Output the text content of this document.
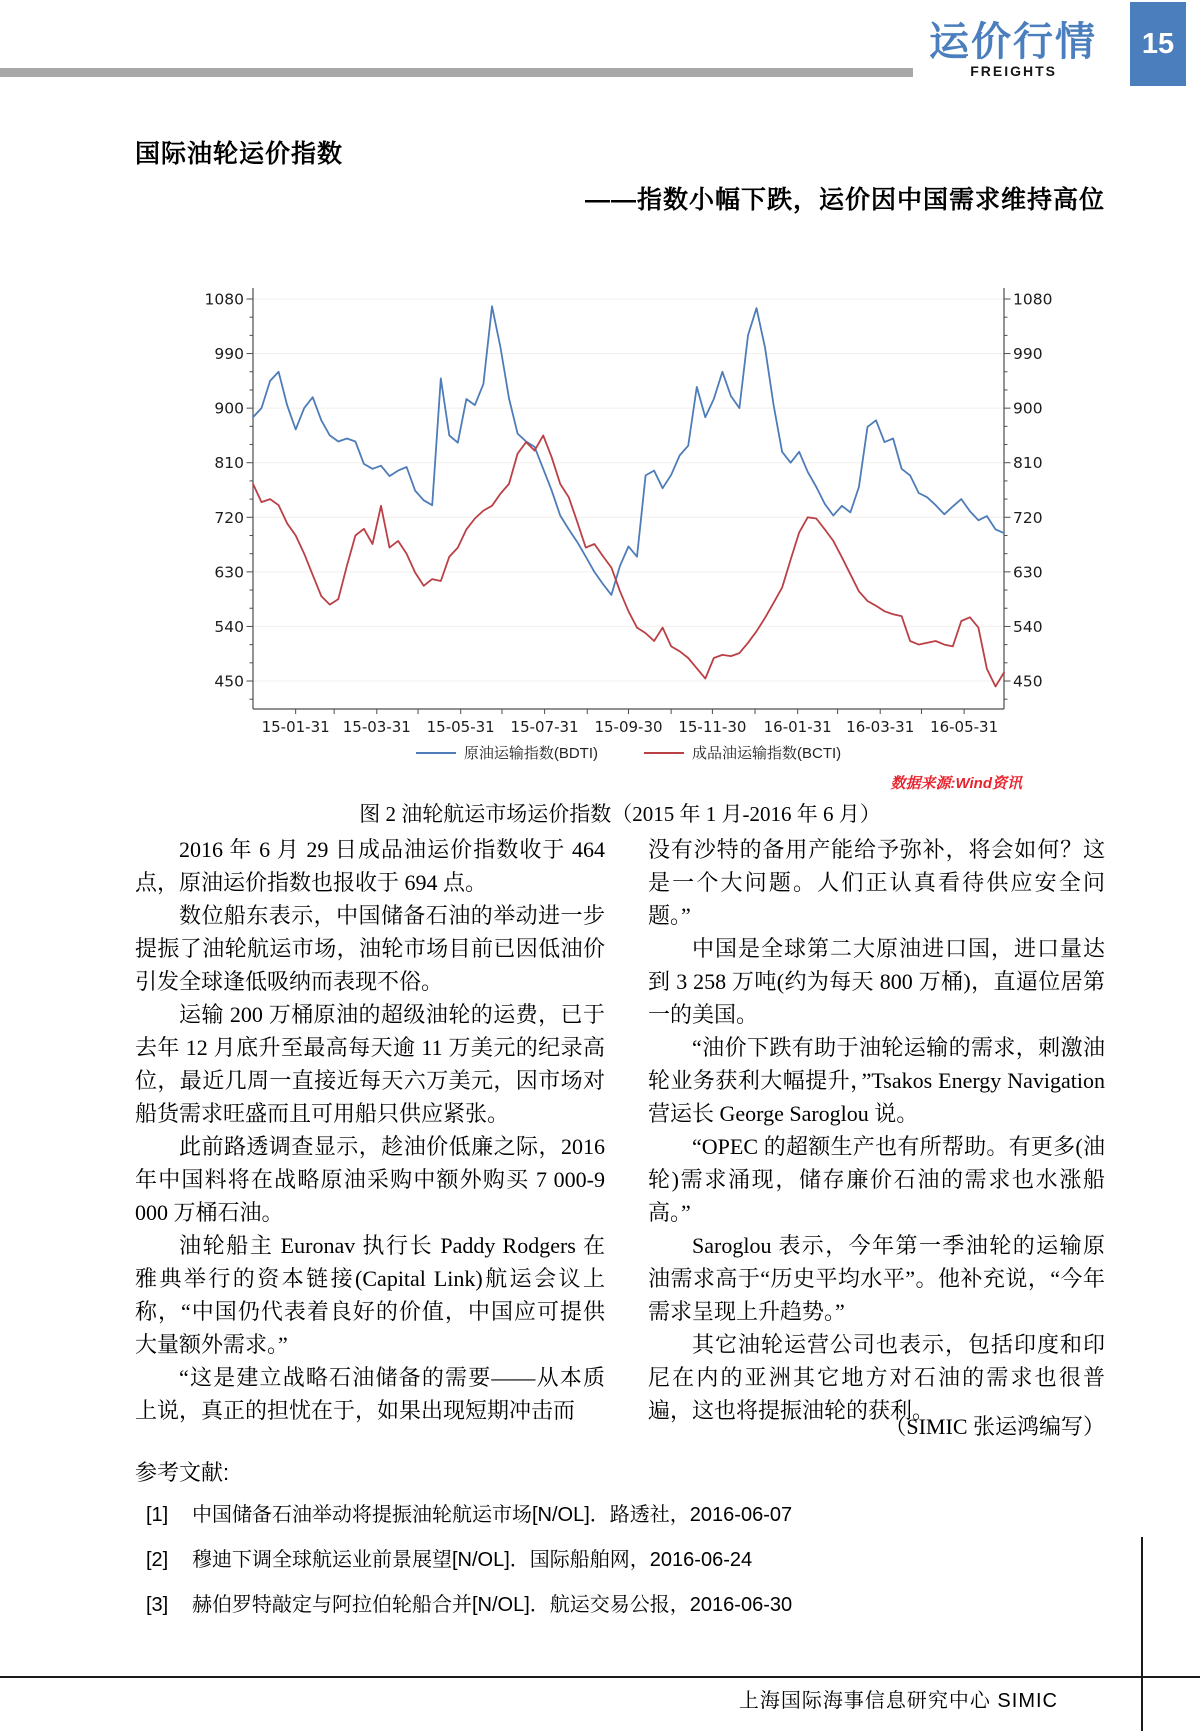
运价行情
FREIGHTS
15
国际油轮运价指数
——指数小幅下跌，运价因中国需求维持高位
450	450
540	540
630	630
720	720
810	810
900	900
990	990
1080	1080
15-01-31 15-03-31 15-05-31 15-07-31 15-09-30 15-11-30 16-01-31 16-03-31 16-05-31
原油运输指数(BDTI)	成品油运输指数(BCTI)
数据来源:Wind资讯
图 2 油轮航运市场运价指数（2015 年 1 月-2016 年 6 月）

2016 年 6 月 29 日成品油运价指数收于 464 点，原油运价指数也报收于 694 点。

数位船东表示，中国储备石油的举动进一步提振了油轮航运市场，油轮市场目前已因低油价引发全球逢低吸纳而表现不俗。

运输 200 万桶原油的超级油轮的运费，已于去年 12 月底升至最高每天逾 11 万美元的纪录高位，最近几周一直接近每天六万美元，因市场对船货需求旺盛而且可用船只供应紧张。

此前路透调查显示，趁油价低廉之际，2016 年中国料将在战略原油采购中额外购买 7 000-9 000 万桶石油。

油轮船主 Euronav 执行长 Paddy Rodgers 在雅典举行的资本链接(Capital Link)航运会议上称，“中国仍代表着良好的价值，中国应可提供大量额外需求。”

“这是建立战略石油储备的需要——从本质上说，真正的担忧在于，如果出现短期冲击而

没有沙特的备用产能给予弥补，将会如何？这是一个大问题。人们正认真看待供应安全问题。”

中国是全球第二大原油进口国，进口量达到 3 258 万吨(约为每天 800 万桶)，直逼位居第一的美国。

“油价下跌有助于油轮运输的需求，刺激油轮业务获利大幅提升，”Tsakos Energy Navigation 营运长 George Saroglou 说。

“OPEC 的超额生产也有所帮助。有更多(油轮)需求涌现，储存廉价石油的需求也水涨船高。”

Saroglou 表示，今年第一季油轮的运输原油需求高于“历史平均水平”。他补充说，“今年需求呈现上升趋势。”

其它油轮运营公司也表示，包括印度和印尼在内的亚洲其它地方对石油的需求也很普遍，这也将提振油轮的获利。

（SIMIC 张运鸿编写）
参考文献:
[1]	中国储备石油举动将提振油轮航运市场[N/OL]．路透社，2016-06-07
[2]	穆迪下调全球航运业前景展望[N/OL]．国际船舶网，2016-06-24
[3]	赫伯罗特敲定与阿拉伯轮船合并[N/OL]．航运交易公报，2016-06-30
上海国际海事信息研究中心 SIMIC
